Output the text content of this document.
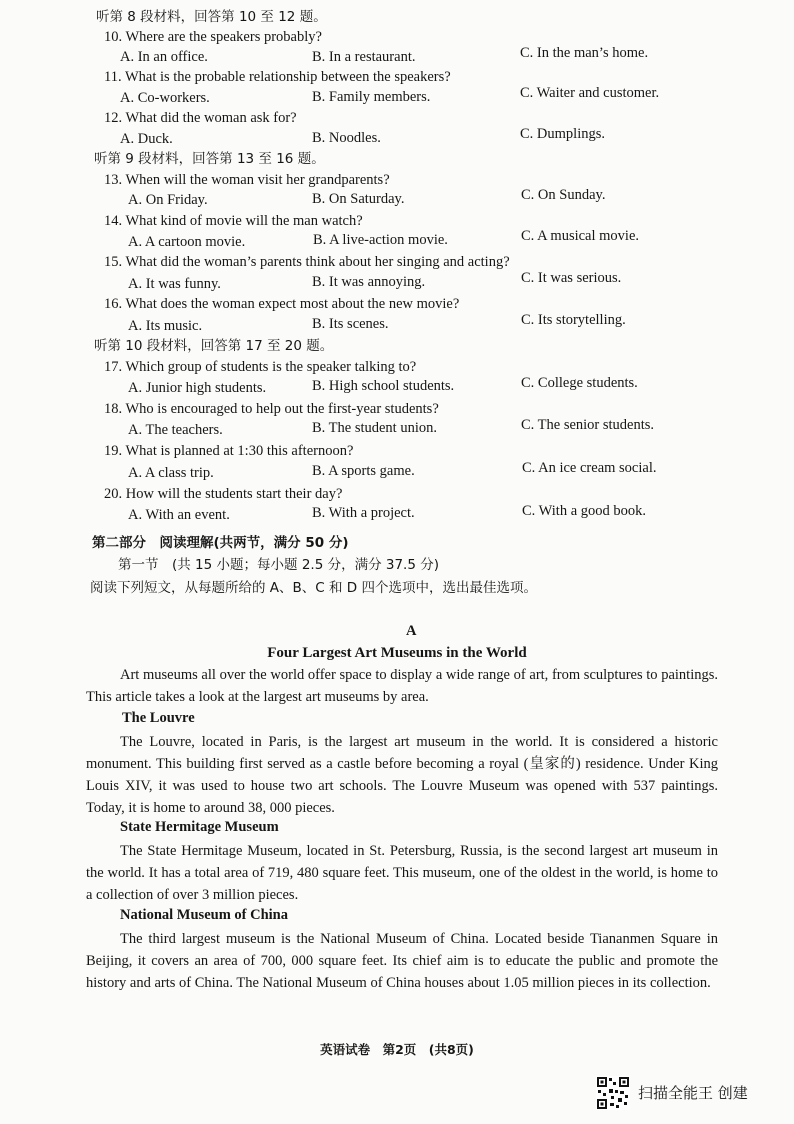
听第 8 段材料，回答第 10 至 12 题。
10. Where are the speakers probably?
A. In an office.	B. In a restaurant.	C. In the man’s home.
11. What is the probable relationship between the speakers?
A. Co-workers.	B. Family members.	C. Waiter and customer.
12. What did the woman ask for?
A. Duck.	B. Noodles.	C. Dumplings.
听第 9 段材料，回答第 13 至 16 题。
13. When will the woman visit her grandparents?
A. On Friday.	B. On Saturday.	C. On Sunday.
14. What kind of movie will the man watch?
A. A cartoon movie.	B. A live-action movie.	C. A musical movie.
15. What did the woman’s parents think about her singing and acting?
A. It was funny.	B. It was annoying.	C. It was serious.
16. What does the woman expect most about the new movie?
A. Its music.	B. Its scenes.	C. Its storytelling.
听第 10 段材料，回答第 17 至 20 题。
17. Which group of students is the speaker talking to?
A. Junior high students.	B. High school students.	C. College students.
18. Who is encouraged to help out the first-year students?
A. The teachers.	B. The student union.	C. The senior students.
19. What is planned at 1:30 this afternoon?
A. A class trip.	B. A sports game.	C. An ice cream social.
20. How will the students start their day?
A. With an event.	B. With a project.	C. With a good book.
第二部分　阅读理解(共两节，满分 50 分)
第一节　(共 15 小题；每小题 2.5 分，满分 37.5 分)
阅读下列短文，从每题所给的 A、B、C 和 D 四个选项中，选出最佳选项。
A
Four Largest Art Museums in the World
Art museums all over the world offer space to display a wide range of art, from sculptures to paintings. This article takes a look at the largest art museums by area.
The Louvre
The Louvre, located in Paris, is the largest art museum in the world. It is considered a historic monument. This building first served as a castle before becoming a royal (皇家的) residence. Under King Louis XIV, it was used to house two art schools. The Louvre Museum was opened with 537 paintings. Today, it is home to around 38, 000 pieces.
State Hermitage Museum
The State Hermitage Museum, located in St. Petersburg, Russia, is the second largest art museum in the world. It has a total area of 719, 480 square feet. This museum, one of the oldest in the world, is home to a collection of over 3 million pieces.
National Museum of China
The third largest museum is the National Museum of China. Located beside Tiananmen Square in Beijing, it covers an area of 700, 000 square feet. Its chief aim is to educate the public and promote the history and arts of China. The National Museum of China houses about 1.05 million pieces in its collection.
英语试卷　第2页　(共8页)
扫描全能王 创建
